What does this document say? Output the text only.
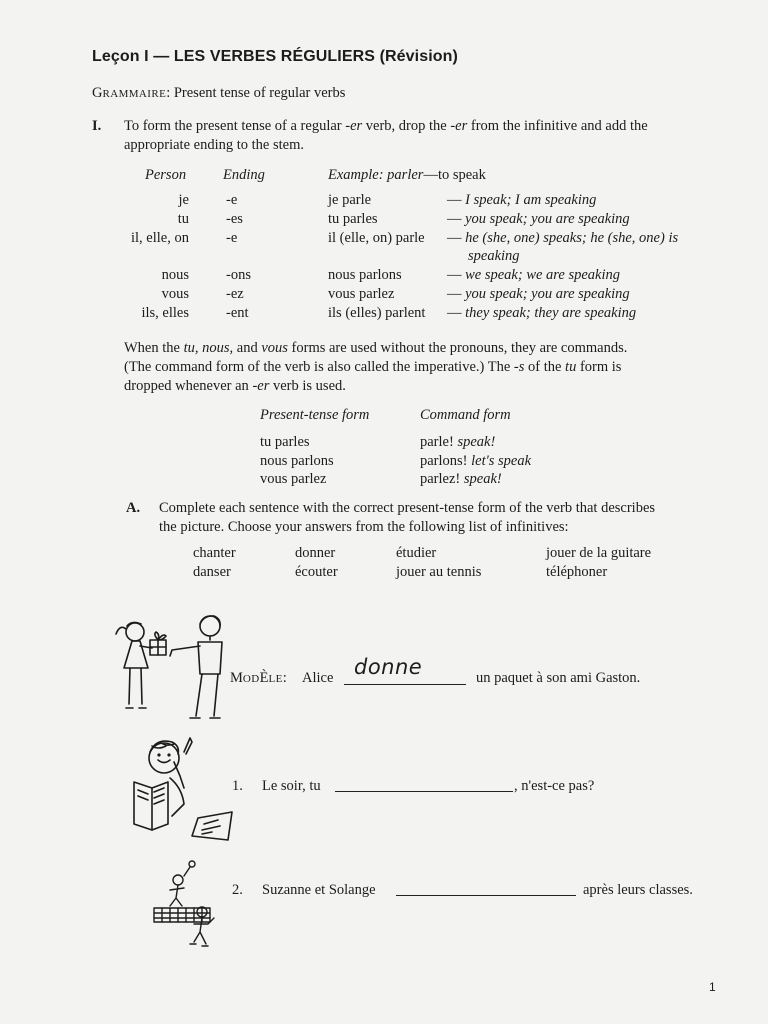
Leçon I — LES VERBES RÉGULIERS (Révision)
GRAMMAIRE: Present tense of regular verbs
I. To form the present tense of a regular -er verb, drop the -er from the infinitive and add the
appropriate ending to the stem.
Person	Ending	Example: parler—to speak
je	-e	je parle	— I speak; I am speaking
tu	-es	tu parles	— you speak; you are speaking
il, elle, on	-e	il (elle, on) parle — he (she, one) speaks; he (she, one) is
speaking
nous	-ons	nous parlons	— we speak; we are speaking
vous	-ez	vous parlez	— you speak; you are speaking
ils, elles	-ent	ils (elles) parlent — they speak; they are speaking
When the tu, nous, and vous forms are used without the pronouns, they are commands.
(The command form of the verb is also called the imperative.) The -s of the tu form is
dropped whenever an -er verb is used.
Present-tense form	Command form
tu parles	parle! speak!
nous parlons	parlons! let's speak
vous parlez	parlez! speak!
A. Complete each sentence with the correct present-tense form of the verb that describes
the picture. Choose your answers from the following list of infinitives:
chanter	donner	étudier	jouer de la guitare
danser	écouter	jouer au tennis	téléphoner
MODÈLE: Alice donne	un paquet à son ami Gaston.
1. Le soir, tu	, n'est-ce pas?
2. Suzanne et Solange	après leurs classes.
1
